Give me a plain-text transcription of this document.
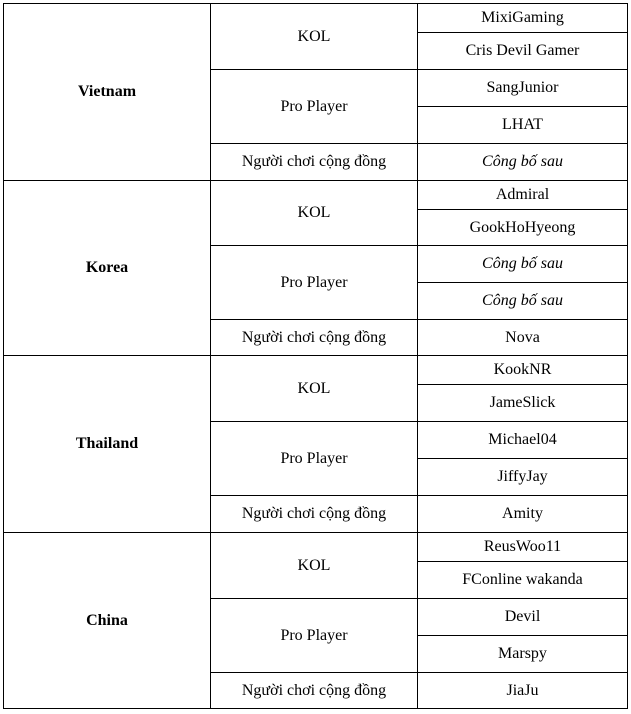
Vietnam	KOL	MixiGaming
		Cris Devil Gamer
	Pro Player	SangJunior
		LHAT
	Người chơi cộng đồng	Công bố sau
Korea	KOL	Admiral
		GookHoHyeong
	Pro Player	Công bố sau
		Công bố sau
	Người chơi cộng đồng	Nova
Thailand	KOL	KookNR
		JameSlick
	Pro Player	Michael04
		JiffyJay
	Người chơi cộng đồng	Amity
China	KOL	ReusWoo11
		FConline wakanda
	Pro Player	Devil
		Marspy
	Người chơi cộng đồng	JiaJu
